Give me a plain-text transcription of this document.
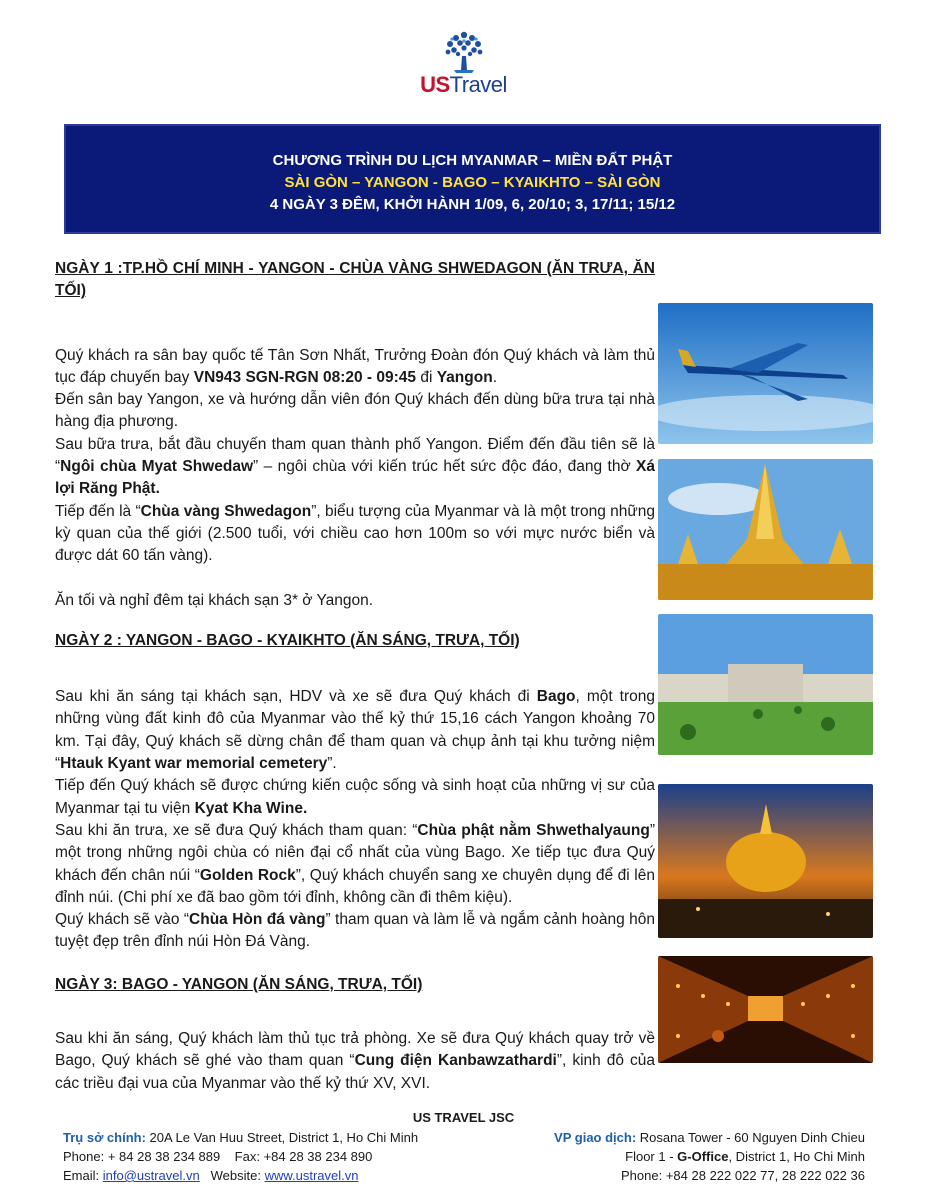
USTravel
CHƯƠNG TRÌNH DU LỊCH MYANMAR – MIỀN ĐẤT PHẬT
SÀI GÒN – YANGON - BAGO – KYAIKHTO – SÀI GÒN
4 NGÀY 3 ĐÊM, KHỞI HÀNH 1/09, 6, 20/10; 3, 17/11; 15/12

NGÀY 1 :TP.HỒ CHÍ MINH - YANGON - CHÙA VÀNG SHWEDAGON (ĂN TRƯA, ĂN TỐI)

Quý khách ra sân bay quốc tế Tân Sơn Nhất, Trưởng Đoàn đón Quý khách và làm thủ tục đáp chuyến bay VN943 SGN-RGN 08:20 - 09:45 đi Yangon.

Đến sân bay Yangon, xe và hướng dẫn viên đón Quý khách đến dùng bữa trưa tại nhà hàng địa phương.

Sau bữa trưa, bắt đầu chuyến tham quan thành phố Yangon. Điểm đến đầu tiên sẽ là “Ngôi chùa Myat Shwedaw” – ngôi chùa với kiến trúc hết sức độc đáo, đang thờ Xá lợi Răng Phật.

Tiếp đến là “Chùa vàng Shwedagon”, biểu tượng của Myanmar và là một trong những kỳ quan của thế giới (2.500 tuổi, với chiều cao hơn 100m so với mực nước biển và được dát 60 tấn vàng).

Ăn tối và nghỉ đêm tại khách sạn 3* ở Yangon.

NGÀY 2 : YANGON - BAGO - KYAIKHTO (ĂN SÁNG, TRƯA, TỐI)

Sau khi ăn sáng tại khách sạn, HDV và xe sẽ đưa Quý khách đi Bago, một trong những vùng đất kinh đô của Myanmar vào thế kỷ thứ 15,16 cách Yangon khoảng 70 km. Tại đây, Quý khách sẽ dừng chân để tham quan và chụp ảnh tại khu tưởng niệm “Htauk Kyant war memorial cemetery”.

Tiếp đến Quý khách sẽ được chứng kiến cuộc sống và sinh hoạt của những vị sư của Myanmar tại tu viện Kyat Kha Wine.

Sau khi ăn trưa, xe sẽ đưa Quý khách tham quan: “Chùa phật nằm Shwethalyaung” một trong những ngôi chùa có niên đại cổ nhất của vùng Bago. Xe tiếp tục đưa Quý khách đến chân núi “Golden Rock”, Quý khách chuyển sang xe chuyên dụng để đi lên đỉnh núi. (Chi phí xe đã bao gồm tới đỉnh, không cần đi thêm kiệu).

Quý khách sẽ vào “Chùa Hòn đá vàng” tham quan và làm lễ và ngắm cảnh hoàng hôn tuyệt đẹp trên đỉnh núi Hòn Đá Vàng.

NGÀY 3: BAGO - YANGON (ĂN SÁNG, TRƯA, TỐI)

Sau khi ăn sáng, Quý khách làm thủ tục trả phòng. Xe sẽ đưa Quý khách quay trở về Bago, Quý khách sẽ ghé vào tham quan “Cung điện Kanbawzathardi”, kinh đô của các triều đại vua của Myanmar vào thế kỷ thứ XV, XVI.

US TRAVEL JSC
Trụ sở chính: 20A Le Van Huu Street, District 1, Ho Chi Minh
Phone: + 84 28 38 234 889    Fax: +84 28 38 234 890
Email: info@ustravel.vn   Website: www.ustravel.vn
VP giao dịch: Rosana Tower - 60 Nguyen Dinh Chieu
Floor 1 - G-Office, District 1, Ho Chi Minh
Phone: +84 28 222 022 77, 28 222 022 36
